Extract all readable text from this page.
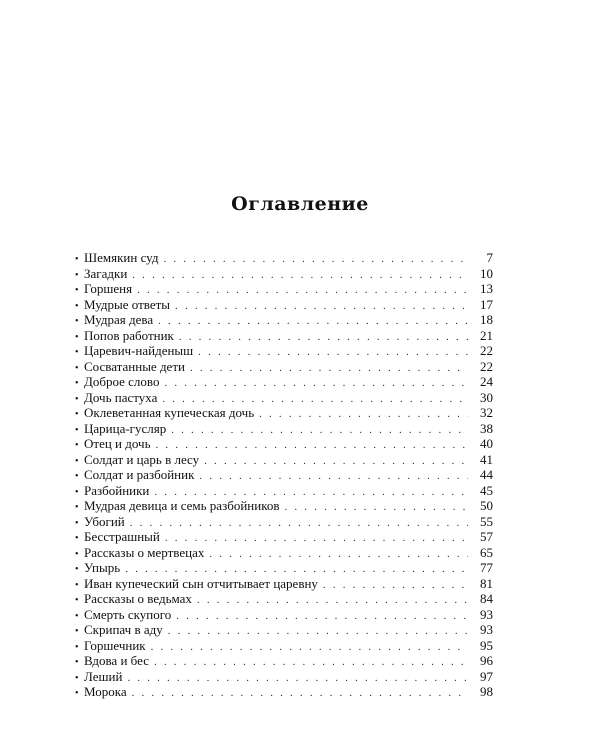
Оглавление
• Шемякин суд . . .	7
• Загадки . . .	10
• Горшеня . . .	13
• Мудрые ответы . . .	17
• Мудрая дева . . .	18
• Попов работник . . .	21
• Царевич-найденыш . . .	22
• Сосватанные дети . . .	22
• Доброе слово . . .	24
• Дочь пастуха . . .	30
• Оклеветанная купеческая дочь . . .	32
• Царица-гусляр . . .	38
• Отец и дочь . . .	40
• Солдат и царь в лесу . . .	41
• Солдат и разбойник . . .	44
• Разбойники . . .	45
• Мудрая девица и семь разбойников . . .	50
• Убогий . . .	55
• Бесстрашный . . .	57
• Рассказы о мертвецах . . .	65
• Упырь . . .	77
• Иван купеческий сын отчитывает царевну . . .	81
• Рассказы о ведьмах . . .	84
• Смерть скупого . . .	93
• Скрипач в аду . . .	93
• Горшечник . . .	95
• Вдова и бес . . .	96
• Леший . . .	97
• Морока . . .	98
